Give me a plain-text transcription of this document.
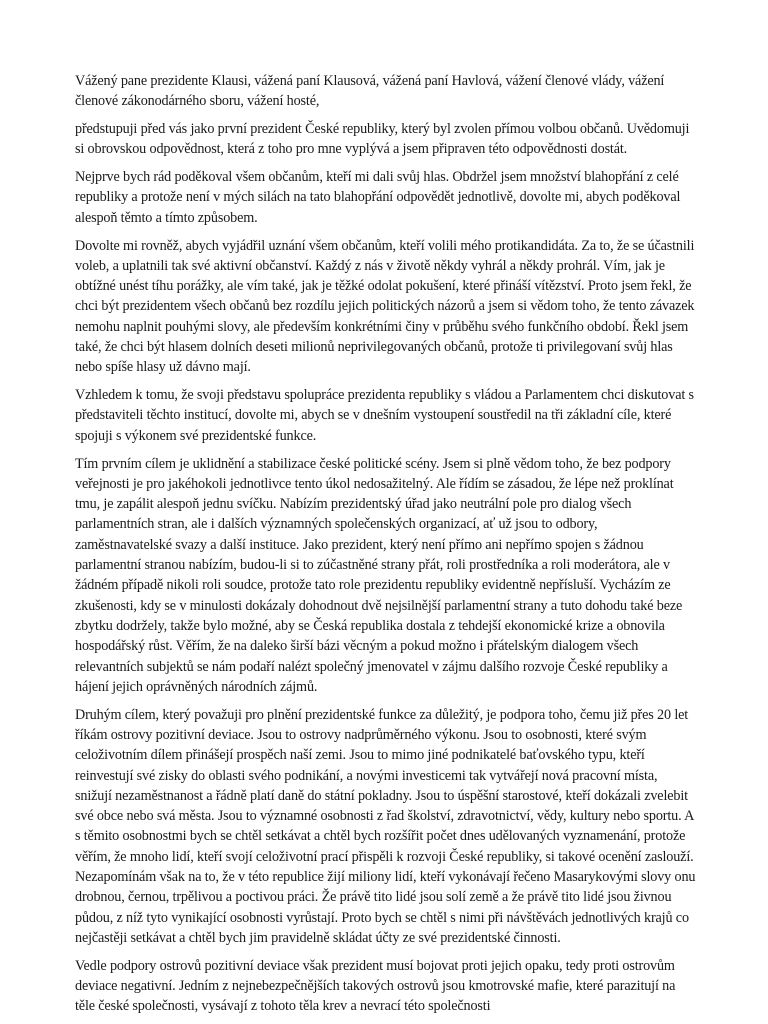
Vážený pane prezidente Klausi, vážená paní Klausová, vážená paní Havlová, vážení členové vlády, vážení členové zákonodárného sboru, vážení hosté,

předstupuji před vás jako první prezident České republiky, který byl zvolen přímou volbou občanů. Uvědomuji si obrovskou odpovědnost, která z toho pro mne vyplývá a jsem připraven této odpovědnosti dostát.

Nejprve bych rád poděkoval všem občanům, kteří mi dali svůj hlas. Obdržel jsem množství blahopřání z celé republiky a protože není v mých silách na tato blahopřání odpovědět jednotlivě, dovolte mi, abych poděkoval alespoň těmto a tímto způsobem.

Dovolte mi rovněž, abych vyjádřil uznání všem občanům, kteří volili mého protikandidáta. Za to, že se účastnili voleb, a uplatnili tak své aktivní občanství. Každý z nás v životě někdy vyhrál a někdy prohrál. Vím, jak je obtížné unést tíhu porážky, ale vím také, jak je těžké odolat pokušení, které přináší vítězství. Proto jsem řekl, že chci být prezidentem všech občanů bez rozdílu jejich politických názorů a jsem si vědom toho, že tento závazek nemohu naplnit pouhými slovy, ale především konkrétními činy v průběhu svého funkčního období. Řekl jsem také, že chci být hlasem dolních deseti milionů neprivilegovaných občanů, protože ti privilegovaní svůj hlas nebo spíše hlasy už dávno mají.

Vzhledem k tomu, že svoji představu spolupráce prezidenta republiky s vládou a Parlamentem chci diskutovat s představiteli těchto institucí, dovolte mi, abych se v dnešním vystoupení soustředil na tři základní cíle, které spojuji s výkonem své prezidentské funkce.

Tím prvním cílem je uklidnění a stabilizace české politické scény. Jsem si plně vědom toho, že bez podpory veřejnosti je pro jakéhokoli jednotlivce tento úkol nedosažitelný. Ale řídím se zásadou, že lépe než proklínat tmu, je zapálit alespoň jednu svíčku. Nabízím prezidentský úřad jako neutrální pole pro dialog všech parlamentních stran, ale i dalších významných společenských organizací, ať už jsou to odbory, zaměstnavatelské svazy a další instituce. Jako prezident, který není přímo ani nepřímo spojen s žádnou parlamentní stranou nabízím, budou-li si to zúčastněné strany přát, roli prostředníka a roli moderátora, ale v žádném případě nikoli roli soudce, protože tato role prezidentu republiky evidentně nepřísluší. Vycházím ze zkušenosti, kdy se v minulosti dokázaly dohodnout dvě nejsilnější parlamentní strany a tuto dohodu také beze zbytku dodržely, takže bylo možné, aby se Česká republika dostala z tehdejší ekonomické krize a obnovila hospodářský růst. Věřím, že na daleko širší bázi věcným a pokud možno i přátelským dialogem všech relevantních subjektů se nám podaří nalézt společný jmenovatel v zájmu dalšího rozvoje České republiky a hájení jejich oprávněných národních zájmů.

Druhým cílem, který považuji pro plnění prezidentské funkce za důležitý, je podpora toho, čemu již přes 20 let říkám ostrovy pozitivní deviace. Jsou to ostrovy nadprůměrného výkonu. Jsou to osobnosti, které svým celoživotním dílem přinášejí prospěch naší zemi. Jsou to mimo jiné podnikatelé baťovského typu, kteří reinvestují své zisky do oblasti svého podnikání, a novými investicemi tak vytvářejí nová pracovní místa, snižují nezaměstnanost a řádně platí daně do státní pokladny. Jsou to úspěšní starostové, kteří dokázali zvelebit své obce nebo svá města. Jsou to významné osobnosti z řad školství, zdravotnictví, vědy, kultury nebo sportu. A s těmito osobnostmi bych se chtěl setkávat a chtěl bych rozšířit počet dnes udělovaných vyznamenání, protože věřím, že mnoho lidí, kteří svojí celoživotní prací přispěli k rozvoji České republiky, si takové ocenění zaslouží. Nezapomínám však na to, že v této republice žijí miliony lidí, kteří vykonávají řečeno Masarykovými slovy onu drobnou, černou, trpělivou a poctivou práci. Že právě tito lidé jsou solí země a že právě tito lidé jsou živnou půdou, z níž tyto vynikající osobnosti vyrůstají. Proto bych se chtěl s nimi při návštěvách jednotlivých krajů co nejčastěji setkávat a chtěl bych jim pravidelně skládat účty ze své prezidentské činnosti.

Vedle podpory ostrovů pozitivní deviace však prezident musí bojovat proti jejich opaku, tedy proti ostrovům deviace negativní. Jedním z nejnebezpečnějších takových ostrovů jsou kmotrovské mafie, které parazitují na těle české společnosti, vysávají z tohoto těla krev a nevrací této společnosti
